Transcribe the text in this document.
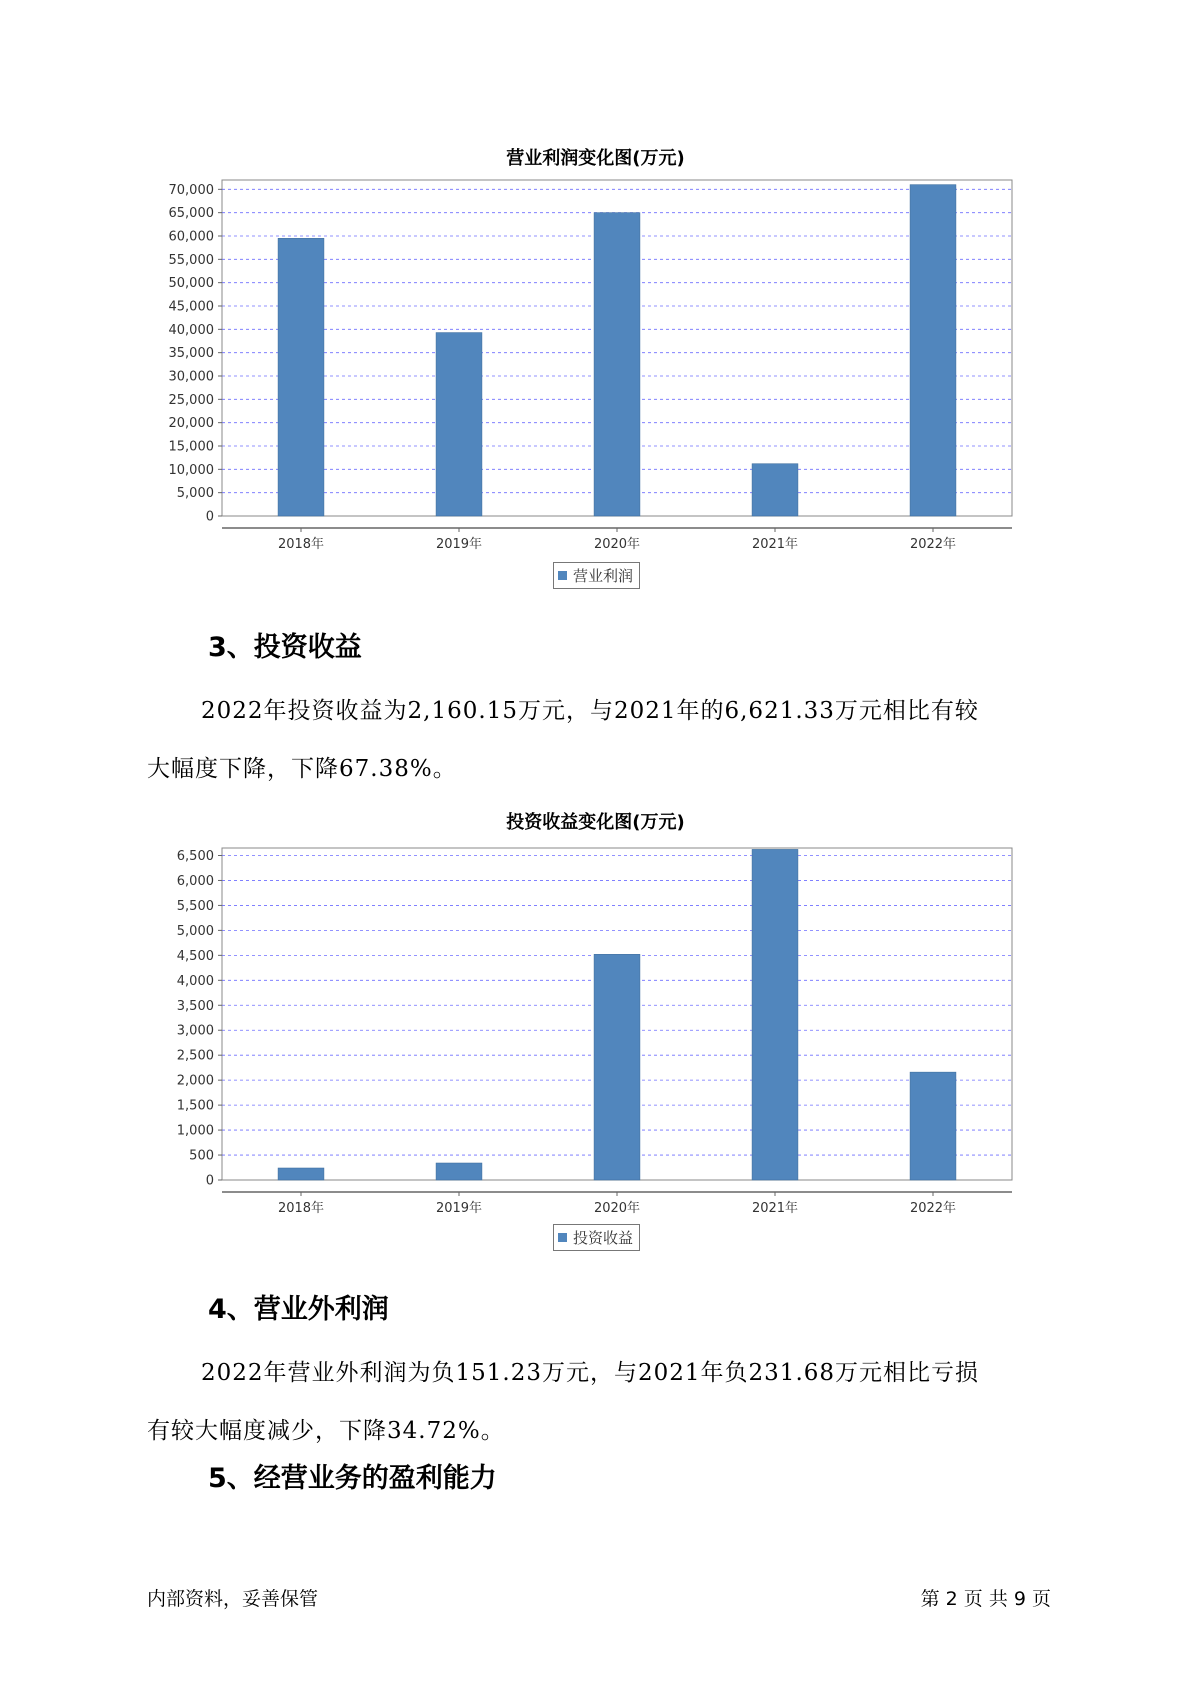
营业利润变化图(万元)
0
5,000
10,000
15,000
20,000
25,000
30,000
35,000
40,000
45,000
50,000
55,000
60,000
65,000
70,000
2018年	2019年	2020年	2021年	2022年
营业利润
3、投资收益
2022年投资收益为2,160.15万元，与2021年的6,621.33万元相比有较
大幅度下降，下降67.38%。
投资收益变化图(万元)
0
500
1,000
1,500
2,000
2,500
3,000
3,500
4,000
4,500
5,000
5,500
6,000
6,500
2018年	2019年	2020年	2021年	2022年
投资收益
4、营业外利润
2022年营业外利润为负151.23万元，与2021年负231.68万元相比亏损
有较大幅度减少，下降34.72%。
5、经营业务的盈利能力
内部资料，妥善保管	第 2 页 共 9 页
